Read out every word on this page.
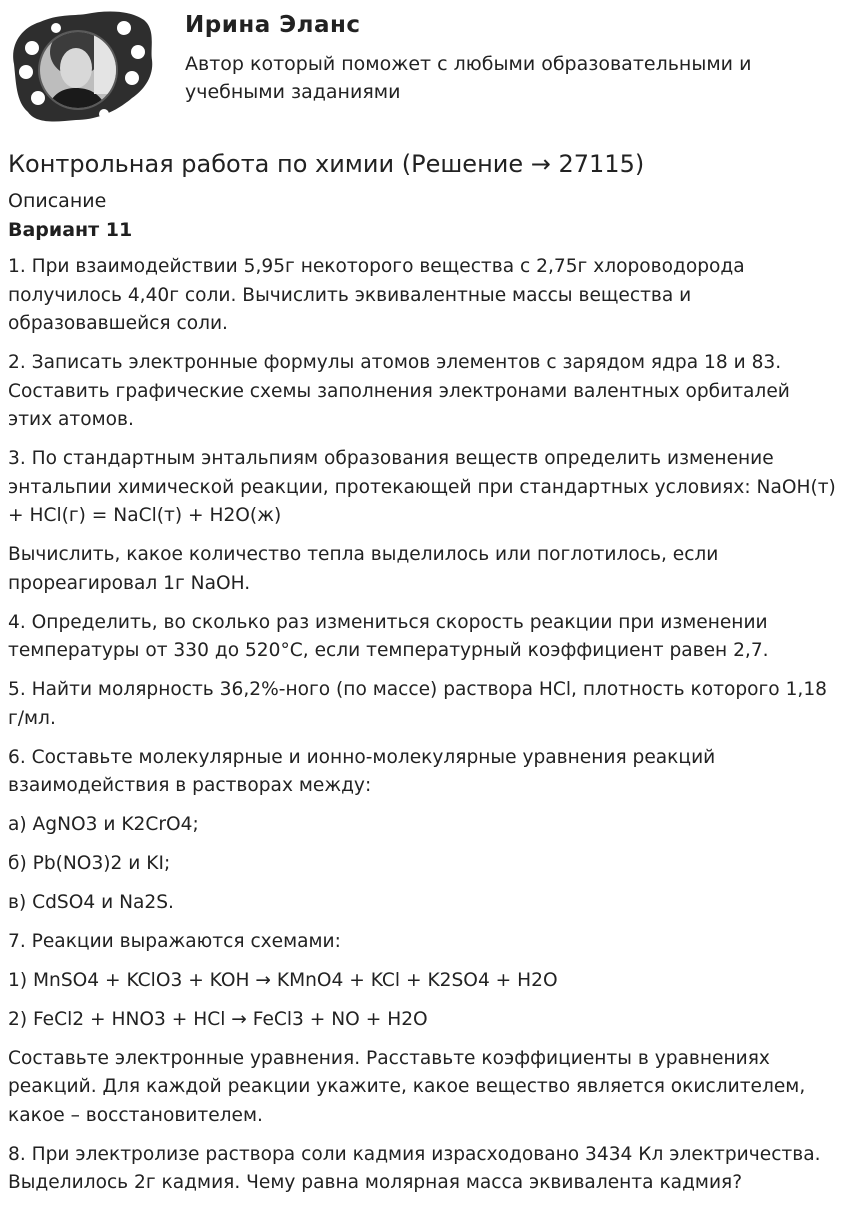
Ирина Эланс

Автор который поможет с любыми образовательными и учебными заданиями

Контрольная работа по химии (Решение → 27115)
Описание
Вариант 11

1. При взаимодействии 5,95г некоторого вещества с 2,75г хлороводорода получилось 4,40г соли. Вычислить эквивалентные массы вещества и образовавшейся соли.

2. Записать электронные формулы атомов элементов с зарядом ядра 18 и 83. Составить графические схемы заполнения электронами валентных орбиталей этих атомов.

3. По стандартным энтальпиям образования веществ определить изменение энтальпии химической реакции, протекающей при стандартных условиях: NaOH(т) + HCl(г) = NaCl(т) + H2O(ж)

Вычислить, какое количество тепла выделилось или поглотилось, если прореагировал 1г NaOH.

4. Определить, во сколько раз измениться скорость реакции при изменении температуры от 330 до 520°С, если температурный коэффициент равен 2,7.

5. Найти молярность 36,2%-ного (по массе) раствора HCl, плотность которого 1,18 г/мл.

6. Составьте молекулярные и ионно-молекулярные уравнения реакций взаимодействия в растворах между:

а) AgNO3 и K2CrO4;

б) Pb(NO3)2 и KI;

в) CdSO4 и Na2S.

7. Реакции выражаются схемами:

1) MnSO4 + KClO3 + KOH → KMnO4 + KCl + K2SO4 + H2O

2) FeCl2 + HNO3 + HCl → FeCl3 + NO + H2O

Составьте электронные уравнения. Расставьте коэффициенты в уравнениях реакций. Для каждой реакции укажите, какое вещество является окислителем, какое – восстановителем.

8. При электролизе раствора соли кадмия израсходовано 3434 Кл электричества. Выделилось 2г кадмия. Чему равна молярная масса эквивалента кадмия?
